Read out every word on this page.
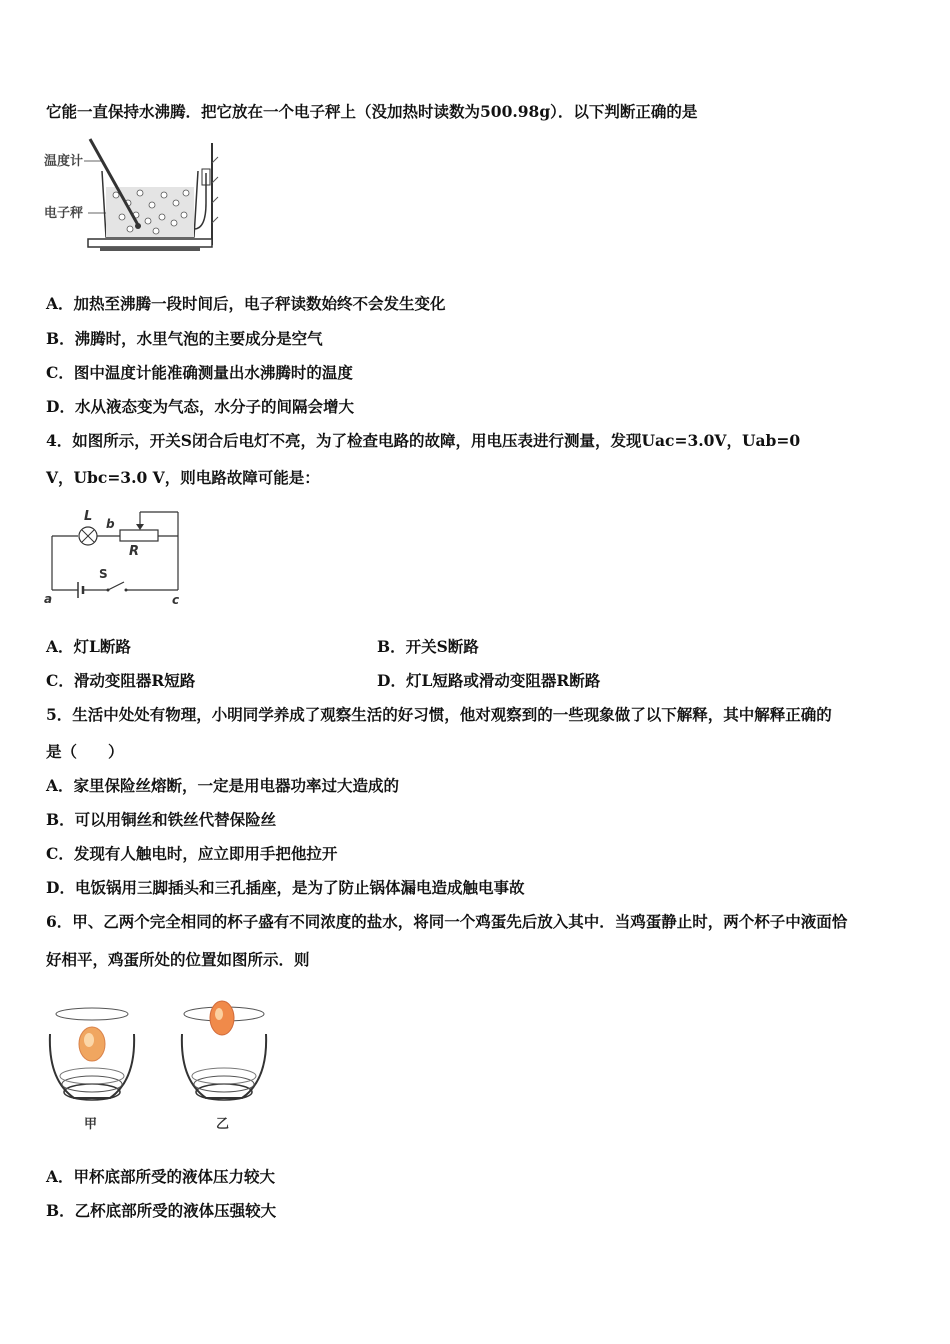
它能一直保持水沸腾．把它放在一个电子秤上（没加热时读数为500.98g）．以下判断正确的是
温度计
电子秤
A．加热至沸腾一段时间后，电子秤读数始终不会发生变化
B．沸腾时，水里气泡的主要成分是空气
C．图中温度计能准确测量出水沸腾时的温度
D．水从液态变为气态，水分子的间隔会增大
4．如图所示，开关S闭合后电灯不亮，为了检查电路的故障，用电压表进行测量，发现Uac=3.0V，Uab=0
V，Ubc=3.0 V，则电路故障可能是：
L b
R
S
a	c
A．灯L断路	B．开关S断路
C．滑动变阻器R短路	D．灯L短路或滑动变阻器R断路
5．生活中处处有物理，小明同学养成了观察生活的好习惯，他对观察到的一些现象做了以下解释，其中解释正确的
是（　　）
A．家里保险丝熔断，一定是用电器功率过大造成的
B．可以用铜丝和铁丝代替保险丝
C．发现有人触电时，应立即用手把他拉开
D．电饭锅用三脚插头和三孔插座，是为了防止锅体漏电造成触电事故
6．甲、乙两个完全相同的杯子盛有不同浓度的盐水，将同一个鸡蛋先后放入其中．当鸡蛋静止时，两个杯子中液面恰
好相平，鸡蛋所处的位置如图所示．则
甲	乙
A．甲杯底部所受的液体压力较大
B．乙杯底部所受的液体压强较大
